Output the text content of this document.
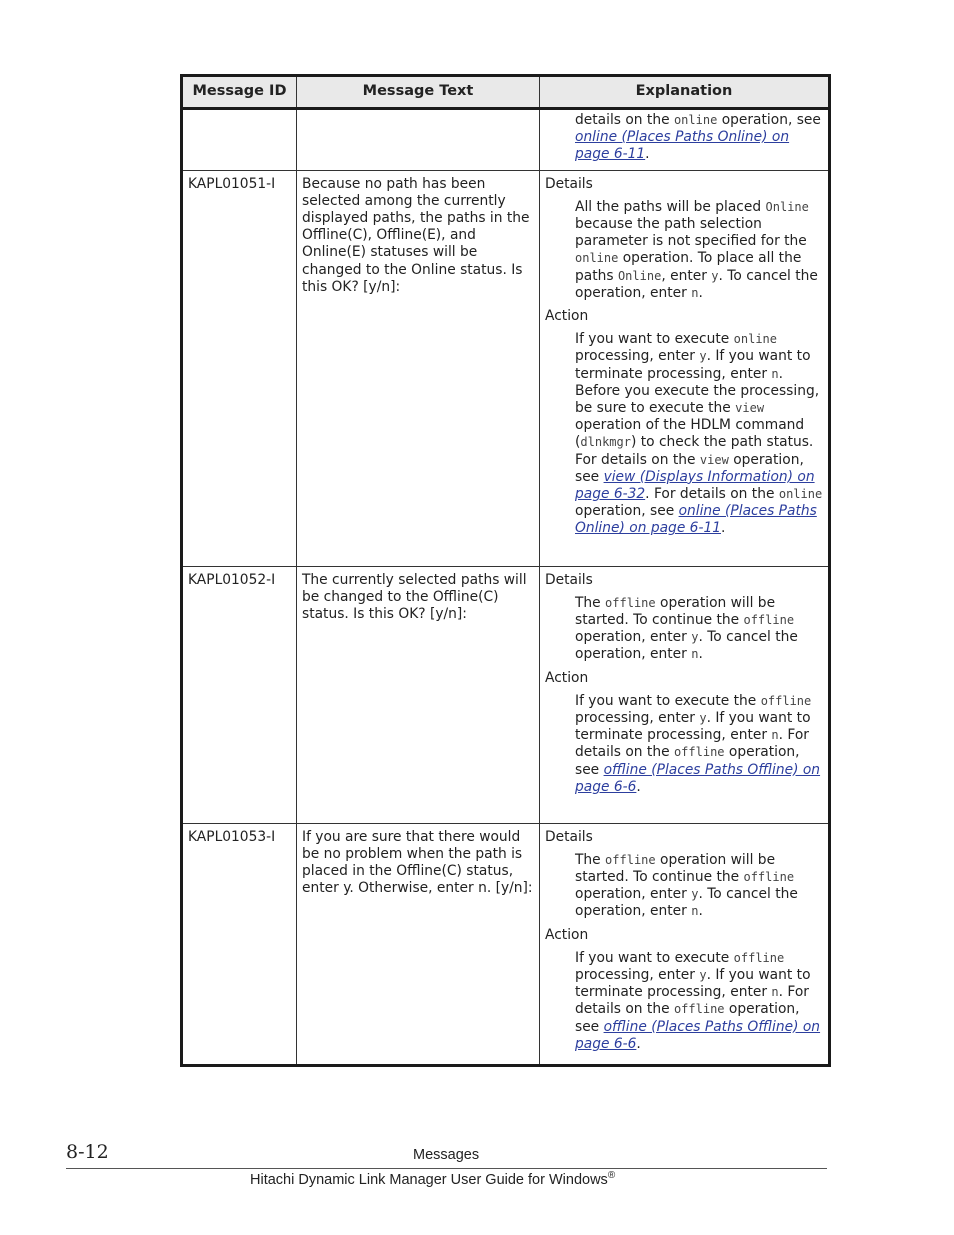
Message ID	Message Text	Explanation

		details on the online operation, see online (Places Paths Online) on page 6-11.

KAPL01051-I	Because no path has been selected among the currently displayed paths, the paths in the Offline(C), Offline(E), and Online(E) statuses will be changed to the Online status. Is this OK? [y/n]:	Details
All the paths will be placed Online because the path selection parameter is not specified for the online operation. To place all the paths Online, enter y. To cancel the operation, enter n.
Action
If you want to execute online processing, enter y. If you want to terminate processing, enter n. Before you execute the processing, be sure to execute the view operation of the HDLM command (dlnkmgr) to check the path status. For details on the view operation, see view (Displays Information) on page 6-32. For details on the online operation, see online (Places Paths Online) on page 6-11.

KAPL01052-I	The currently selected paths will be changed to the Offline(C) status. Is this OK? [y/n]:	Details
The offline operation will be started. To continue the offline operation, enter y. To cancel the operation, enter n.
Action
If you want to execute the offline processing, enter y. If you want to terminate processing, enter n. For details on the offline operation, see offline (Places Paths Offline) on page 6-6.

KAPL01053-I	If you are sure that there would be no problem when the path is placed in the Offline(C) status, enter y. Otherwise, enter n. [y/n]:	Details
The offline operation will be started. To continue the offline operation, enter y. To cancel the operation, enter n.
Action
If you want to execute offline processing, enter y. If you want to terminate processing, enter n. For details on the offline operation, see offline (Places Paths Offline) on page 6-6.
8-12	Messages
Hitachi Dynamic Link Manager User Guide for Windows®
